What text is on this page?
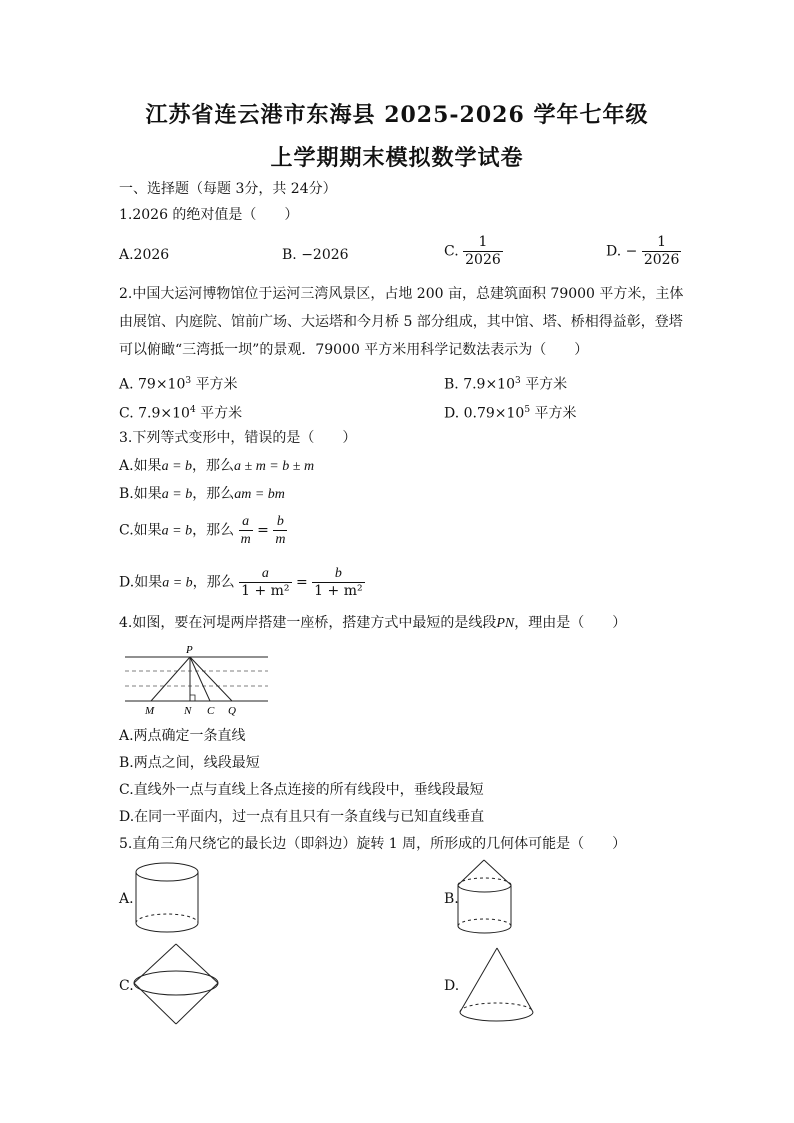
江苏省连云港市东海县 2025-2026 学年七年级
上学期期末模拟数学试卷
一、选择题（每题 3分，共 24分）
1.2026 的绝对值是（　　）
A.2026	B. −2026	C. $\frac{1}{2026}$	D. − $\frac{1}{2026}$
2.中国大运河博物馆位于运河三湾风景区，占地 200 亩，总建筑面积 79000 平方米，主体
由展馆、内庭院、馆前广场、大运塔和今月桥 5 部分组成，其中馆、塔、桥相得益彰，登塔
可以俯瞰“三湾抵一坝”的景观．79000 平方米用科学记数法表示为（　　）
A. $79\times 10^3$ 平方米	B. $7.9\times 10^3$ 平方米
C. $7.9\times 10^4$ 平方米	D. $0.79\times 10^5$ 平方米
3.下列等式变形中，错误的是（　　）
A.如果a = b，那么a ± m = b ± m
B.如果a = b，那么am = bm
C.如果a = b，那么 $\frac{a}{m} = \frac{b}{m}$
D.如果a = b，那么 $\frac{a}{\text{1 + m²}} = \frac{b}{\text{1 + m²}}$
4.如图，要在河堤两岸搭建一座桥，搭建方式中最短的是线段PN，理由是（　　）
P
M	N C Q
A.两点确定一条直线
B.两点之间，线段最短
C.直线外一点与直线上各点连接的所有线段中，垂线段最短
D.在同一平面内，过一点有且只有一条直线与已知直线垂直
5.直角三角尺绕它的最长边（即斜边）旋转 1 周，所形成的几何体可能是（　　）
A.	B.
C.	D.
